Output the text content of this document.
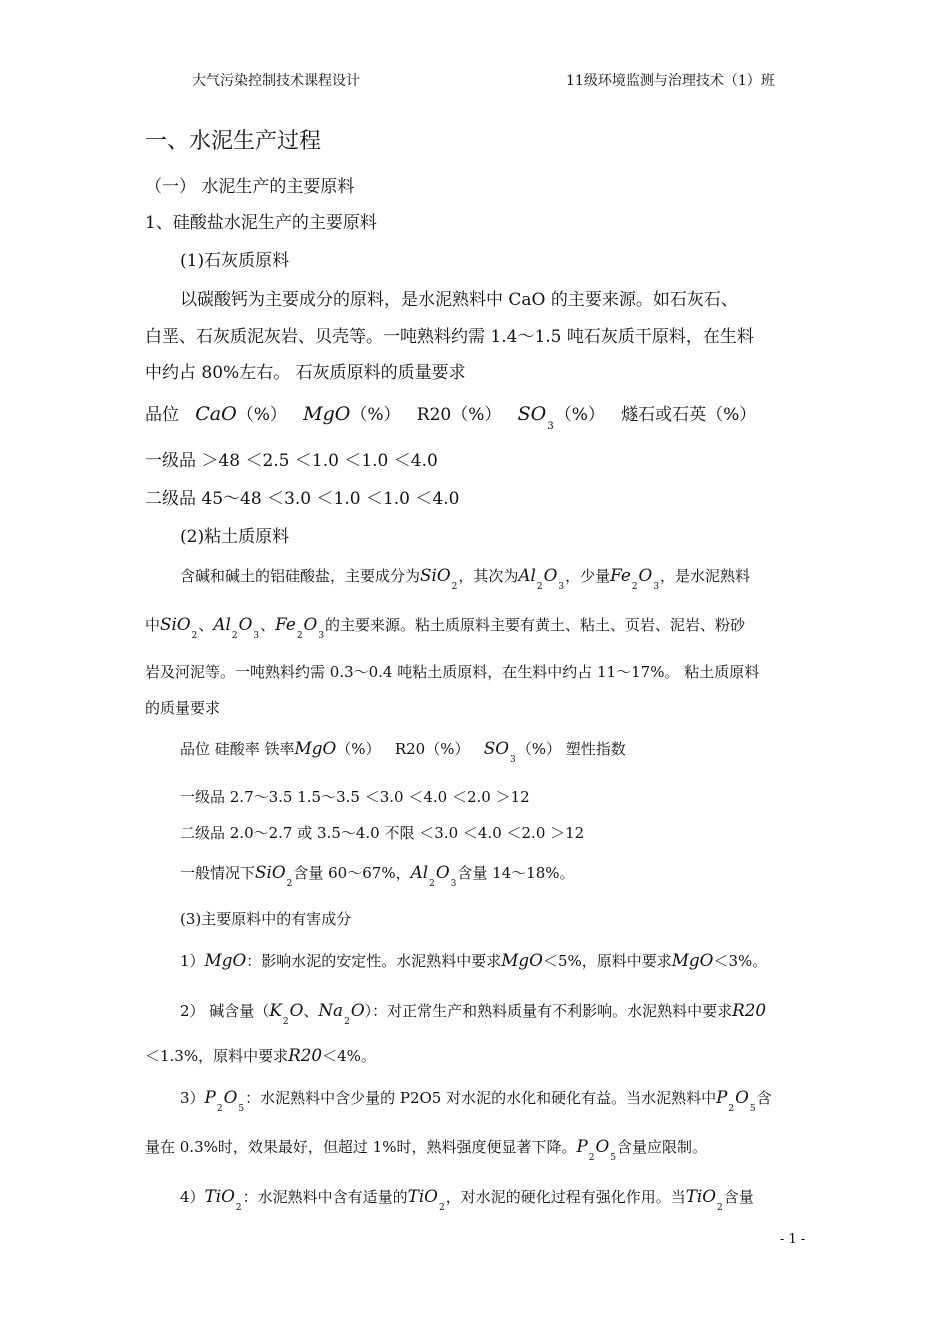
大气污染控制技术课程设计	11级环境监测与治理技术（1）班
一、水泥生产过程
（一） 水泥生产的主要原料
1、硅酸盐水泥生产的主要原料
(1)石灰质原料
以碳酸钙为主要成分的原料，是水泥熟料中 CaO 的主要来源。如石灰石、
白垩、石灰质泥灰岩、贝壳等。一吨熟料约需 1.4～1.5 吨石灰质干原料，在生料
中约占 80%左右。 石灰质原料的质量要求
品位 CaO（%） MgO（%） R20（%） $SO_3(\%)$ 燧石或石英（%）
一级品 ＞48 ＜2.5 ＜1.0 ＜1.0 ＜4.0
二级品 45～48 ＜3.0 ＜1.0 ＜1.0 ＜4.0
(2)粘土质原料
含碱和碱土的铝硅酸盐，主要成分为SiO$_2$，其次为$Al_2O_3$，少量$Fe_2O_3$，是水泥熟料
中SiO$_2$、$Al_2O_3$、$Fe_2O_3$的主要来源。粘土质原料主要有黄土、粘土、页岩、泥岩、粉砂
岩及河泥等。一吨熟料约需 0.3～0.4 吨粘土质原料，在生料中约占 11～17%。 粘土质原料
的质量要求
品位 硅酸率 铁率MgO（%） R20（%） $SO_3(\%)$ 塑性指数
一级品 2.7～3.5 1.5～3.5 ＜3.0 ＜4.0 ＜2.0 ＞12
二级品 2.0～2.7 或 3.5～4.0 不限 ＜3.0 ＜4.0 ＜2.0 ＞12
一般情况下SiO$_2$含量 60～67%，$Al_2O_3$含量 14～18%。
(3)主要原料中的有害成分
1）MgO：影响水泥的安定性。水泥熟料中要求MgO＜5%，原料中要求MgO＜3%。
2） 碱含量（$K_2O$、$Na_2O$）：对正常生产和熟料质量有不利影响。水泥熟料中要求R20
＜1.3%，原料中要求R20＜4%。
$3)P_2O_5$：水泥熟料中含少量的 P2O5 对水泥的水化和硬化有益。当水泥熟料中$P_2O_5$含
量在 0.3%时，效果最好，但超过 1%时，熟料强度便显著下降。$P_2O_5$含量应限制。
4）TiO$_2$：水泥熟料中含有适量的TiO$_2$，对水泥的硬化过程有强化作用。当TiO$_2$含量
- 1 -
